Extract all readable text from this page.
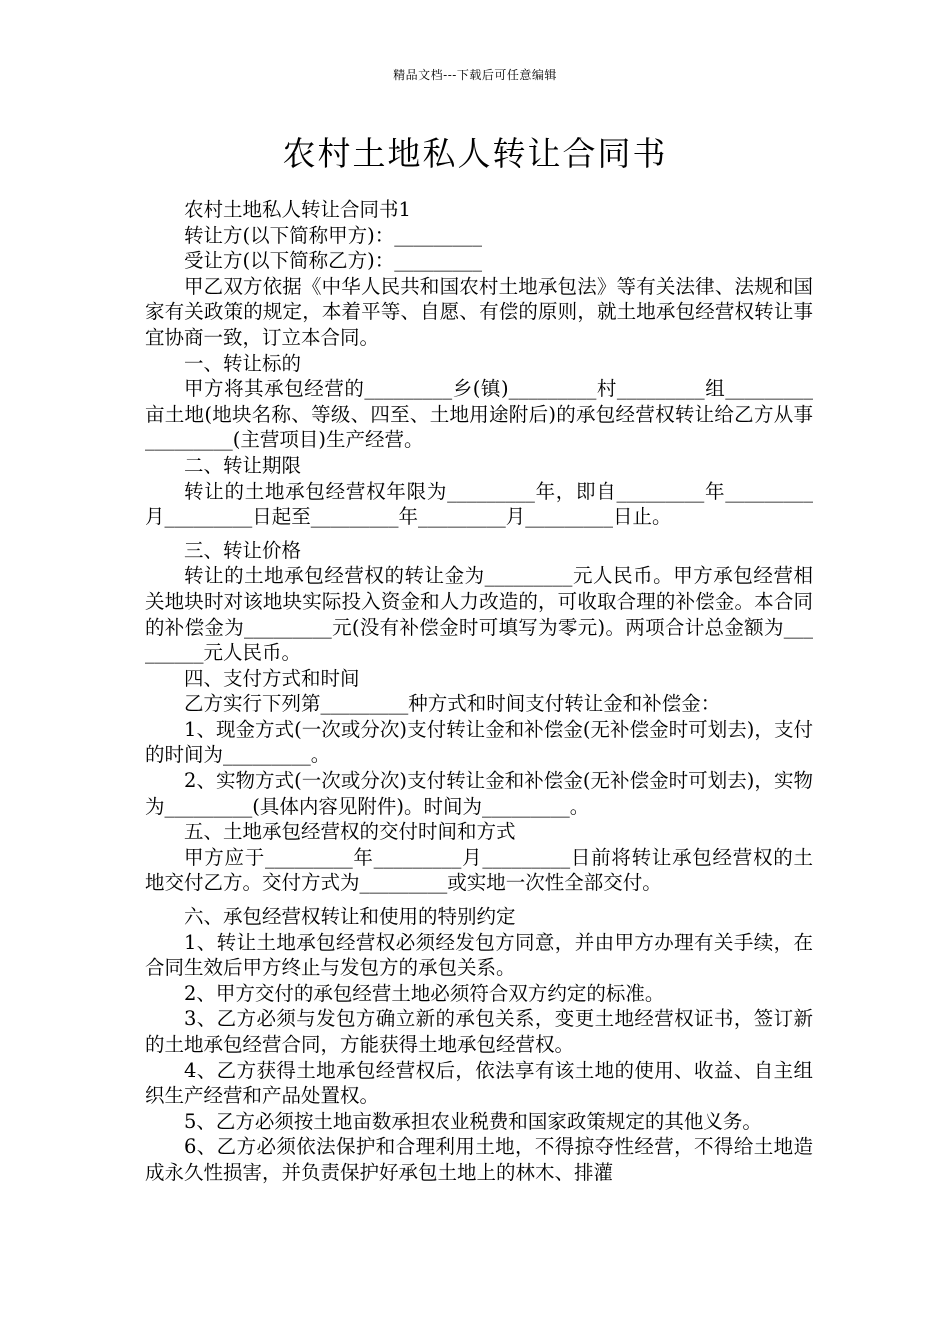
精品文档---下载后可任意编辑
农村土地私人转让合同书

农村土地私人转让合同书1

转让方(以下简称甲方)：_________

受让方(以下简称乙方)：_________

甲乙双方依据《中华人民共和国农村土地承包法》等有关法律、法规和国家有关政策的规定，本着平等、自愿、有偿的原则，就土地承包经营权转让事宜协商一致，订立本合同。

一、转让标的

甲方将其承包经营的_________乡(镇)_________村_________组_________亩土地(地块名称、等级、四至、土地用途附后)的承包经营权转让给乙方从事_________(主营项目)生产经营。

二、转让期限

转让的土地承包经营权年限为_________年，即自_________年_________月_________日起至_________年_________月_________日止。

三、转让价格

转让的土地承包经营权的转让金为_________元人民币。甲方承包经营相关地块时对该地块实际投入资金和人力改造的，可收取合理的补偿金。本合同的补偿金为_________元(没有补偿金时可填写为零元)。两项合计总金额为_________元人民币。

四、支付方式和时间

乙方实行下列第_________种方式和时间支付转让金和补偿金：

1、现金方式(一次或分次)支付转让金和补偿金(无补偿金时可划去)，支付的时间为_________。

2、实物方式(一次或分次)支付转让金和补偿金(无补偿金时可划去)，实物为_________(具体内容见附件)。时间为_________。

五、土地承包经营权的交付时间和方式

甲方应于_________年_________月_________日前将转让承包经营权的土地交付乙方。交付方式为_________或实地一次性全部交付。

六、承包经营权转让和使用的特别约定

1、转让土地承包经营权必须经发包方同意，并由甲方办理有关手续，在合同生效后甲方终止与发包方的承包关系。

2、甲方交付的承包经营土地必须符合双方约定的标准。

3、乙方必须与发包方确立新的承包关系，变更土地经营权证书，签订新的土地承包经营合同，方能获得土地承包经营权。

4、乙方获得土地承包经营权后，依法享有该土地的使用、收益、自主组织生产经营和产品处置权。

5、乙方必须按土地亩数承担农业税费和国家政策规定的其他义务。

6、乙方必须依法保护和合理利用土地，不得掠夺性经营，不得给土地造成永久性损害，并负责保护好承包土地上的林木、排灌
